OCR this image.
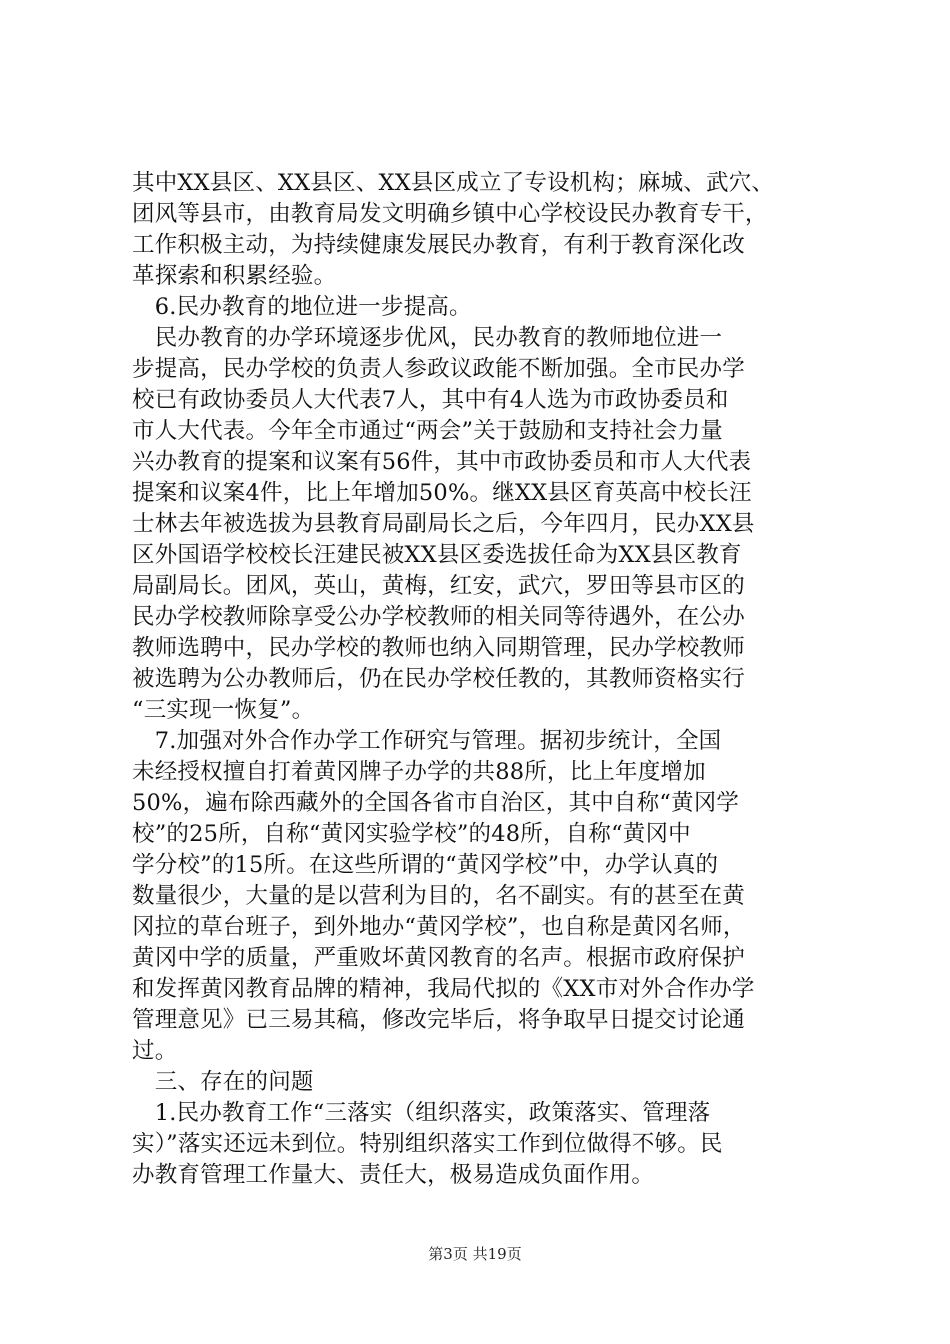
其中XX县区、XX县区、XX县区成立了专设机构；麻城、武穴、
团风等县市，由教育局发文明确乡镇中心学校设民办教育专干，
工作积极主动，为持续健康发展民办教育，有利于教育深化改
革探索和积累经验。
　6.民办教育的地位进一步提高。
　民办教育的办学环境逐步优风，民办教育的教师地位进一
步提高，民办学校的负责人参政议政能不断加强。全市民办学
校已有政协委员人大代表7人，其中有4人选为市政协委员和
市人大代表。今年全市通过“两会”关于鼓励和支持社会力量
兴办教育的提案和议案有56件，其中市政协委员和市人大代表
提案和议案4件，比上年增加50%。继XX县区育英高中校长汪
士林去年被选拔为县教育局副局长之后，今年四月，民办XX县
区外国语学校校长汪建民被XX县区委选拔任命为XX县区教育
局副局长。团风，英山，黄梅，红安，武穴，罗田等县市区的
民办学校教师除享受公办学校教师的相关同等待遇外，在公办
教师选聘中，民办学校的教师也纳入同期管理，民办学校教师
被选聘为公办教师后，仍在民办学校任教的，其教师资格实行
“三实现一恢复”。
　7.加强对外合作办学工作研究与管理。据初步统计，全国
未经授权擅自打着黄冈牌子办学的共88所，比上年度增加
50%，遍布除西藏外的全国各省市自治区，其中自称“黄冈学
校”的25所，自称“黄冈实验学校”的48所，自称“黄冈中
学分校”的15所。在这些所谓的“黄冈学校”中，办学认真的
数量很少，大量的是以营利为目的，名不副实。有的甚至在黄
冈拉的草台班子，到外地办“黄冈学校”，也自称是黄冈名师，
黄冈中学的质量，严重败坏黄冈教育的名声。根据市政府保护
和发挥黄冈教育品牌的精神，我局代拟的《XX市对外合作办学
管理意见》已三易其稿，修改完毕后，将争取早日提交讨论通
过。
　三、存在的问题
　1.民办教育工作“三落实（组织落实，政策落实、管理落
实）”落实还远未到位。特别组织落实工作到位做得不够。民
办教育管理工作量大、责任大，极易造成负面作用。
第3页 共19页
